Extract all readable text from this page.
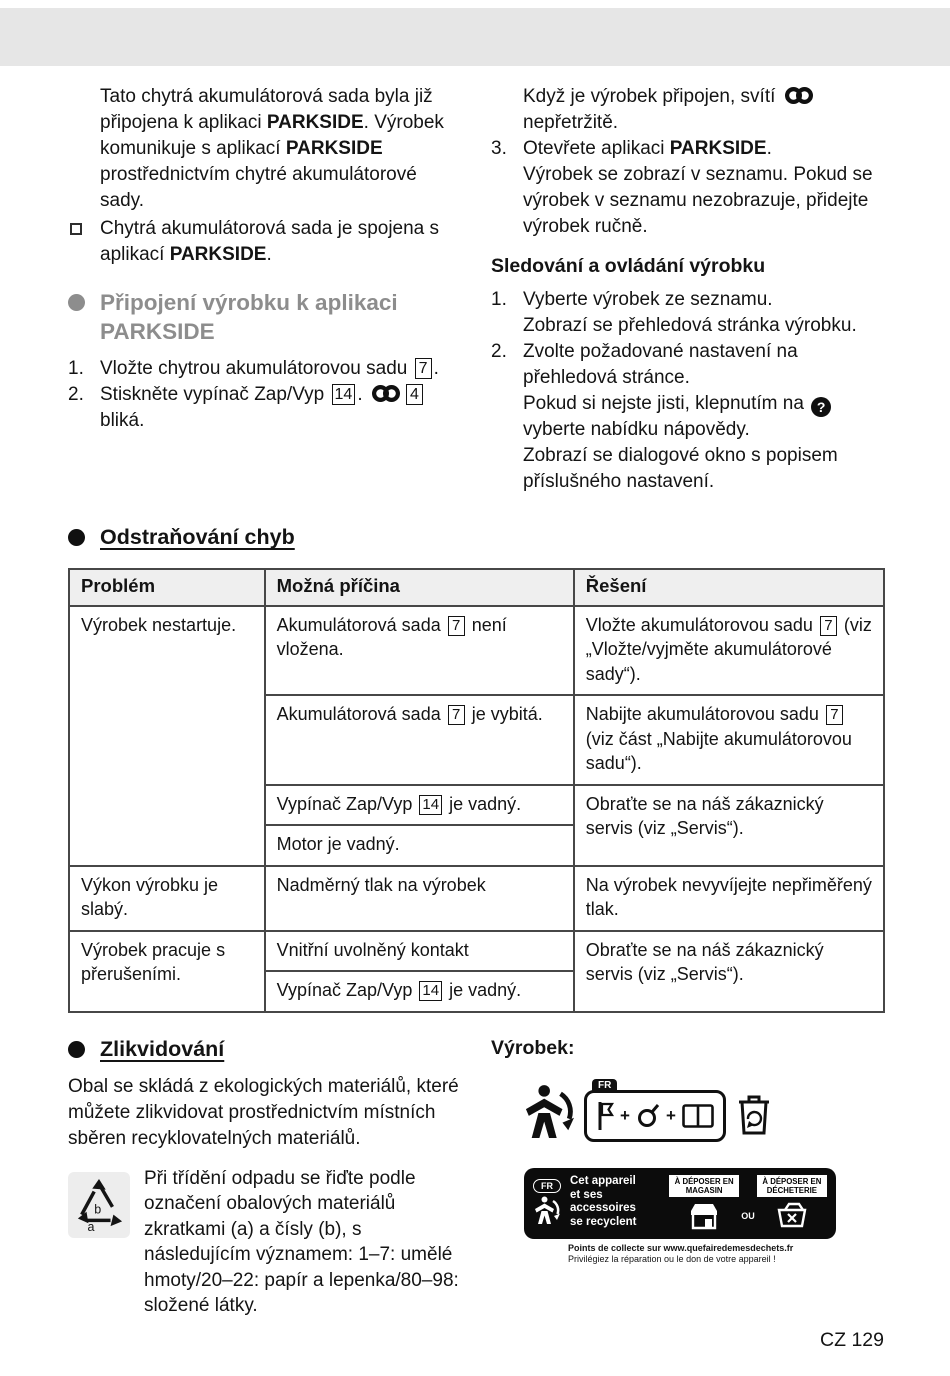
Tato chytrá akumulátorová sada byla již připojena k aplikaci PARKSIDE. Výrobek komunikuje s aplikací PARKSIDE prostřednictvím chytré akumulátorové sady.

Chytrá akumulátorová sada je spojena s aplikací PARKSIDE.
Připojení výrobku k aplikaci PARKSIDE
1. Vložte chytrou akumulátorovou sadu 7 .
2. Stiskněte vypínač Zap/Vyp 14 .	4 bliká.

Když je výrobek připojen, svítí  nepřetržitě.

3. Otevřete aplikaci PARKSIDE.
Výrobek se zobrazí v seznamu. Pokud se výrobek v seznamu nezobrazuje, přidejte výrobek ručně.
Sledování a ovládání výrobku
1. Vyberte výrobek ze seznamu.
Zobrazí se přehledová stránka výrobku.
2. Zvolte požadované nastavení na přehledová stránce.
Pokud si nejste jisti, klepnutím na ? vyberte nabídku nápovědy.
Zobrazí se dialogové okno s popisem příslušného nastavení.
Odstraňování chyb
Problém	Možná příčina	Řešení
Výrobek nestartuje.	Akumulátorová sada 7 není vložena.	Vložte akumulátorovou sadu 7 (viz „Vložte/vyjměte akumulátorové sady“).
	Akumulátorová sada 7 je vybitá.	Nabijte akumulátorovou sadu 7 (viz část „Nabijte akumulátorovou sadu“).
	Vypínač Zap/Vyp 14 je vadný.	Obraťte se na náš zákaznický servis (viz „Servis“).
	Motor je vadný.	
Výkon výrobku je slabý.	Nadměrný tlak na výrobek	Na výrobek nevyvíjejte nepřiměřený tlak.
Výrobek pracuje s přerušeními.	Vnitřní uvolněný kontakt	Obraťte se na náš zákaznický servis (viz „Servis“).
	Vypínač Zap/Vyp 14 je vadný.	
Zlikvidování

Obal se skládá z ekologických materiálů, které můžete zlikvidovat prostřednictvím místních sběren recyklovatelných materiálů.

b
a
Při třídění odpadu se řiďte podle označení obalových materiálů zkratkami (a) a čísly (b), s následujícím významem: 1–7: umělé hmoty/20–22: papír a lepenka/80–98: složené látky.
Výrobek:
FR
+ +
FR	Cet appareil
et ses accessoires
se recyclent
À DÉPOSER EN MAGASIN
OU
À DÉPOSER EN DÉCHETERIE
Points de collecte sur www.quefairedemesdechets.fr
Privilégiez la réparation ou le don de votre appareil !
CZ 129
